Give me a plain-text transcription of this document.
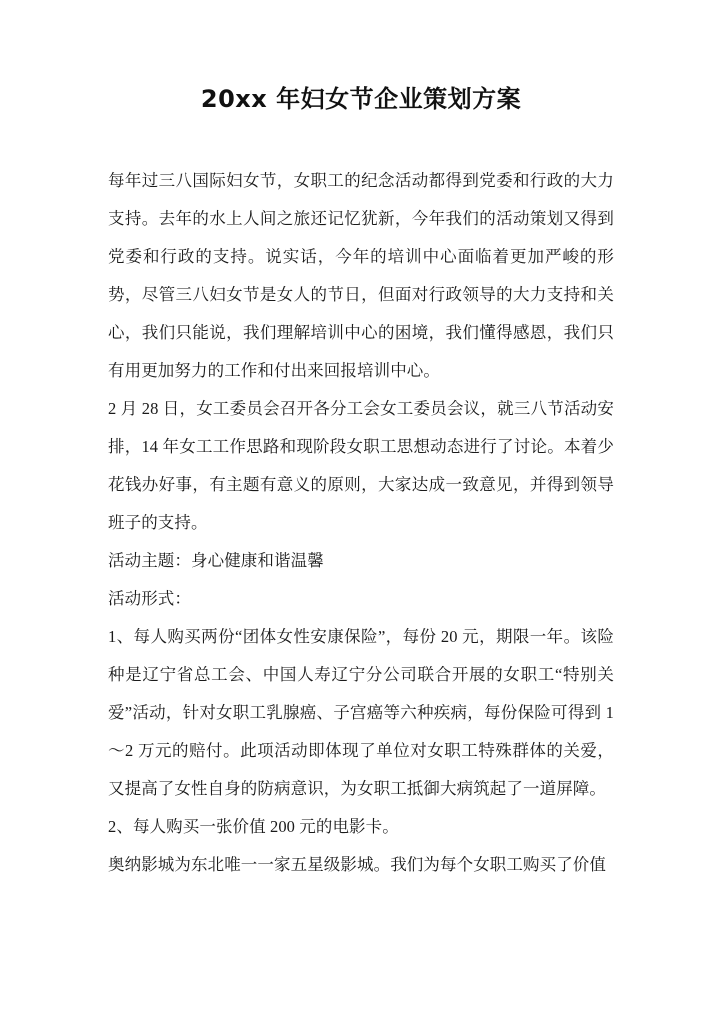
20xx 年妇女节企业策划方案

每年过三八国际妇女节，女职工的纪念活动都得到党委和行政的大力支持。去年的水上人间之旅还记忆犹新，今年我们的活动策划又得到党委和行政的支持。说实话，今年的培训中心面临着更加严峻的形势，尽管三八妇女节是女人的节日，但面对行政领导的大力支持和关心，我们只能说，我们理解培训中心的困境，我们懂得感恩，我们只有用更加努力的工作和付出来回报培训中心。

2 月 28 日，女工委员会召开各分工会女工委员会议，就三八节活动安排，14 年女工工作思路和现阶段女职工思想动态进行了讨论。本着少花钱办好事，有主题有意义的原则，大家达成一致意见，并得到领导班子的支持。

活动主题：身心健康和谐温馨

活动形式：

1、每人购买两份“团体女性安康保险”，每份 20 元，期限一年。该险种是辽宁省总工会、中国人寿辽宁分公司联合开展的女职工“特别关爱”活动，针对女职工乳腺癌、子宫癌等六种疾病，每份保险可得到 1〜2 万元的赔付。此项活动即体现了单位对女职工特殊群体的关爱，又提高了女性自身的防病意识，为女职工抵御大病筑起了一道屏障。

2、每人购买一张价值 200 元的电影卡。

奥纳影城为东北唯一一家五星级影城。我们为每个女职工购买了价值
